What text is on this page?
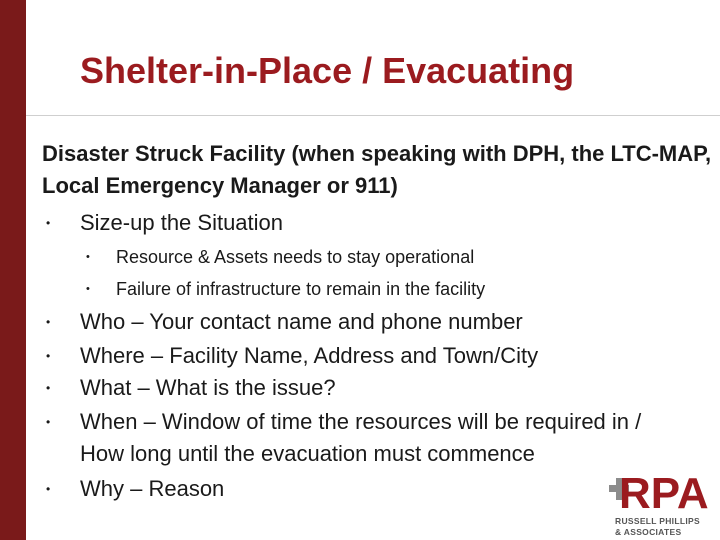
Shelter-in-Place / Evacuating
Disaster Struck Facility (when speaking with DPH, the LTC-MAP, Local Emergency Manager or 911)
• Size-up the Situation
• Resource & Assets needs to stay operational
• Failure of infrastructure to remain in the facility
• Who – Your contact name and phone number
• Where – Facility Name, Address and Town/City
• What – What is the issue?
• When – Window of time the resources will be required in /
How long until the evacuation must commence
• Why – Reason	RPA
RUSSELL PHILLIPS
& ASSOCIATES
